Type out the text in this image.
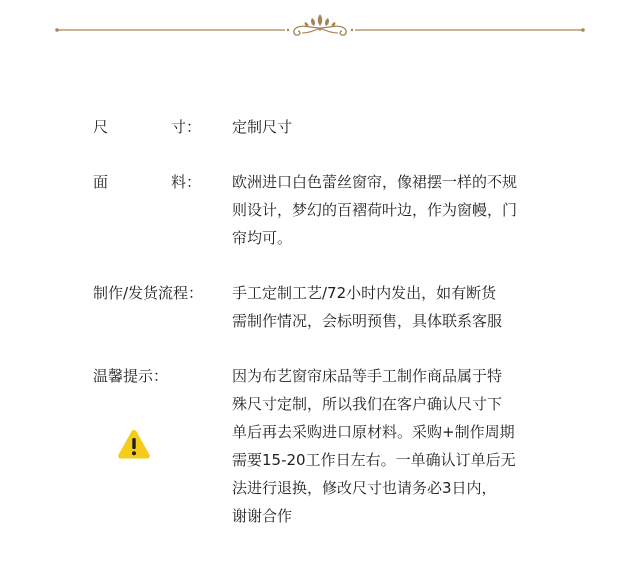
尺	寸： 定制尺寸
面	料： 欧洲进口白色蕾丝窗帘，像裙摆一样的不规
则设计，梦幻的百褶荷叶边，作为窗幔，门
帘均可。
制作/发货流程： 手工定制工艺/72小时内发出，如有断货
需制作情况，会标明预售，具体联系客服
温馨提示：	因为布艺窗帘床品等手工制作商品属于特
殊尺寸定制，所以我们在客户确认尺寸下
单后再去采购进口原材料。采购+制作周期
需要15-20工作日左右。一单确认订单后无
法进行退换，修改尺寸也请务必3日内，
谢谢合作
